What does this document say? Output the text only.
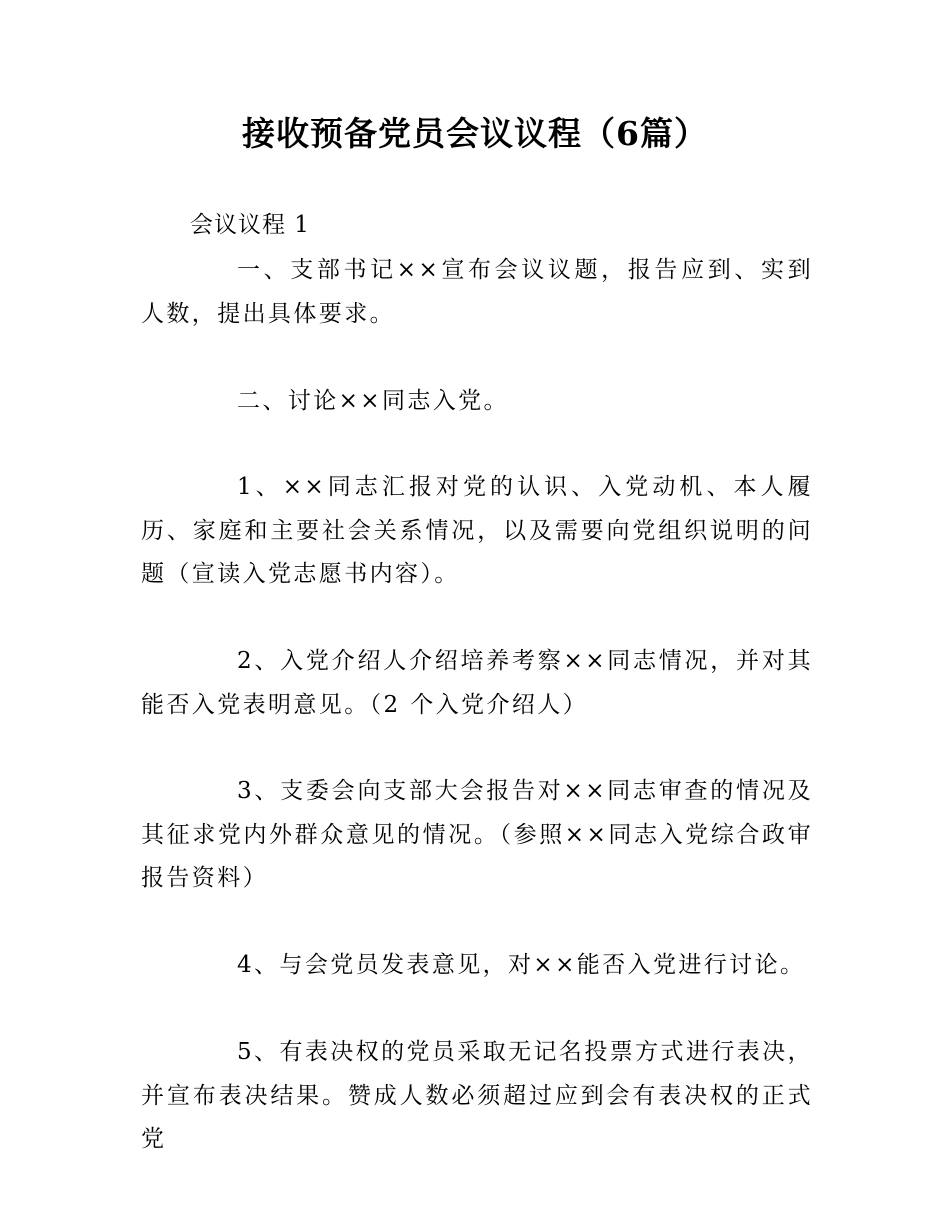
接收预备党员会议议程（6篇）
会议议程 1

一、支部书记××宣布会议议题，报告应到、实到人数，提出具体要求。

二、讨论××同志入党。

1、××同志汇报对党的认识、入党动机、本人履历、家庭和主要社会关系情况，以及需要向党组织说明的问题（宣读入党志愿书内容）。

2、入党介绍人介绍培养考察××同志情况，并对其能否入党表明意见。（2 个入党介绍人）

3、支委会向支部大会报告对××同志审查的情况及其征求党内外群众意见的情况。（参照××同志入党综合政审报告资料）

4、与会党员发表意见，对××能否入党进行讨论。

5、有表决权的党员采取无记名投票方式进行表决，并宣布表决结果。赞成人数必须超过应到会有表决权的正式党
